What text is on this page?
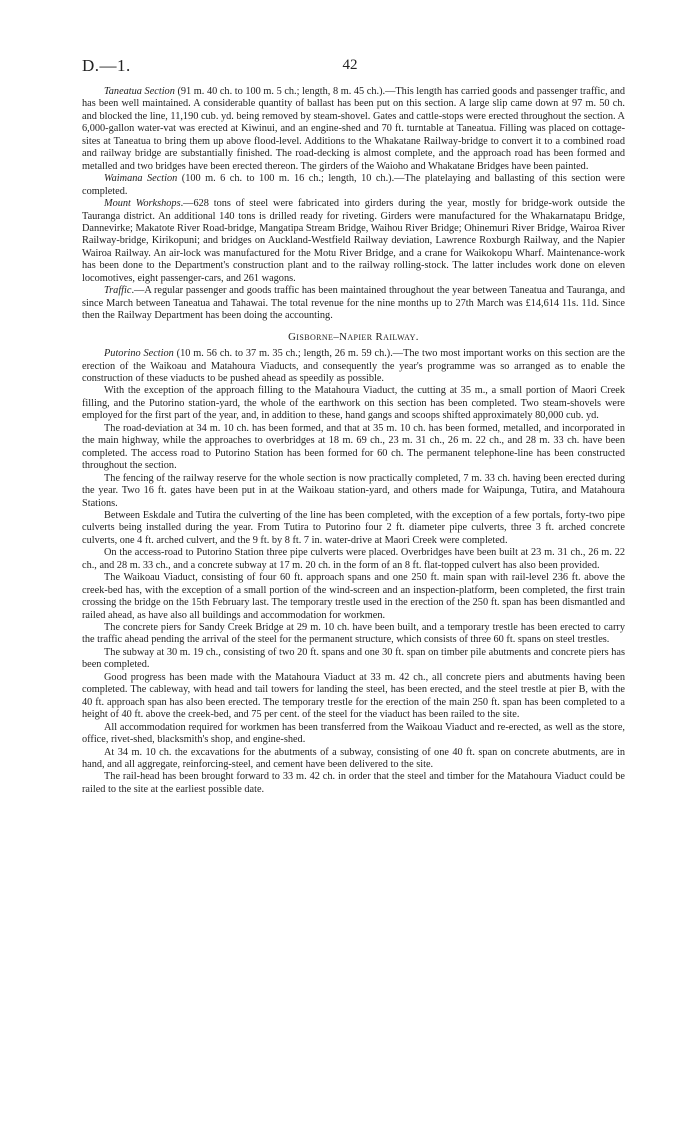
D.—1.	42

Taneatua Section (91 m. 40 ch. to 100 m. 5 ch.; length, 8 m. 45 ch.).—This length has carried goods and passenger traffic, and has been well maintained. A considerable quantity of ballast has been put on this section. A large slip came down at 97 m. 50 ch. and blocked the line, 11,190 cub. yd. being removed by steam-shovel. Gates and cattle-stops were erected throughout the section. A 6,000-gallon water-vat was erected at Kiwinui, and an engine-shed and 70 ft. turntable at Taneatua. Filling was placed on cottage-sites at Taneatua to bring them up above flood-level. Additions to the Whakatane Railway-bridge to convert it to a combined road and railway bridge are substantially finished. The road-decking is almost complete, and the approach road has been formed and metalled and two bridges have been erected thereon. The girders of the Waioho and Whakatane Bridges have been painted.

Waimana Section (100 m. 6 ch. to 100 m. 16 ch.; length, 10 ch.).—The platelaying and ballasting of this section were completed.

Mount Workshops.—628 tons of steel were fabricated into girders during the year, mostly for bridge-work outside the Tauranga district. An additional 140 tons is drilled ready for riveting. Girders were manufactured for the Whakarnatapu Bridge, Dannevirke; Makatote River Road-bridge, Mangatipa Stream Bridge, Waihou River Bridge; Ohinemuri River Bridge, Wairoa River Railway-bridge, Kirikopuni; and bridges on Auckland-Westfield Railway deviation, Lawrence Roxburgh Railway, and the Napier Wairoa Railway. An air-lock was manufactured for the Motu River Bridge, and a crane for Waikokopu Wharf. Maintenance-work has been done to the Department's construction plant and to the railway rolling-stock. The latter includes work done on eleven locomotives, eight passenger-cars, and 261 wagons.

Traffic.—A regular passenger and goods traffic has been maintained throughout the year between Taneatua and Tauranga, and since March between Taneatua and Tahawai. The total revenue for the nine months up to 27th March was £14,614 11s. 11d. Since then the Railway Department has been doing the accounting.

Gisborne–Napier Railway.

Putorino Section (10 m. 56 ch. to 37 m. 35 ch.; length, 26 m. 59 ch.).—The two most important works on this section are the erection of the Waikoau and Matahoura Viaducts, and consequently the year's programme was so arranged as to enable the construction of these viaducts to be pushed ahead as speedily as possible.

With the exception of the approach filling to the Matahoura Viaduct, the cutting at 35 m., a small portion of Maori Creek filling, and the Putorino station-yard, the whole of the earthwork on this section has been completed. Two steam-shovels were employed for the first part of the year, and, in addition to these, hand gangs and scoops shifted approximately 80,000 cub. yd.

The road-deviation at 34 m. 10 ch. has been formed, and that at 35 m. 10 ch. has been formed, metalled, and incorporated in the main highway, while the approaches to overbridges at 18 m. 69 ch., 23 m. 31 ch., 26 m. 22 ch., and 28 m. 33 ch. have been completed. The access road to Putorino Station has been formed for 60 ch. The permanent telephone-line has been constructed throughout the section.

The fencing of the railway reserve for the whole section is now practically completed, 7 m. 33 ch. having been erected during the year. Two 16 ft. gates have been put in at the Waikoau station-yard, and others made for Waipunga, Tutira, and Matahoura Stations.

Between Eskdale and Tutira the culverting of the line has been completed, with the exception of a few portals, forty-two pipe culverts being installed during the year. From Tutira to Putorino four 2 ft. diameter pipe culverts, three 3 ft. arched concrete culverts, one 4 ft. arched culvert, and the 9 ft. by 8 ft. 7 in. water-drive at Maori Creek were completed.

On the access-road to Putorino Station three pipe culverts were placed. Overbridges have been built at 23 m. 31 ch., 26 m. 22 ch., and 28 m. 33 ch., and a concrete subway at 17 m. 20 ch. in the form of an 8 ft. flat-topped culvert has also been provided.

The Waikoau Viaduct, consisting of four 60 ft. approach spans and one 250 ft. main span with rail-level 236 ft. above the creek-bed has, with the exception of a small portion of the wind-screen and an inspection-platform, been completed, the first train crossing the bridge on the 15th February last. The temporary trestle used in the erection of the 250 ft. span has been dismantled and railed ahead, as have also all buildings and accommodation for workmen.

The concrete piers for Sandy Creek Bridge at 29 m. 10 ch. have been built, and a temporary trestle has been erected to carry the traffic ahead pending the arrival of the steel for the permanent structure, which consists of three 60 ft. spans on steel trestles.

The subway at 30 m. 19 ch., consisting of two 20 ft. spans and one 30 ft. span on timber pile abutments and concrete piers has been completed.

Good progress has been made with the Matahoura Viaduct at 33 m. 42 ch., all concrete piers and abutments having been completed. The cableway, with head and tail towers for landing the steel, has been erected, and the steel trestle at pier B, with the 40 ft. approach span has also been erected. The temporary trestle for the erection of the main 250 ft. span has been completed to a height of 40 ft. above the creek-bed, and 75 per cent. of the steel for the viaduct has been railed to the site.

All accommodation required for workmen has been transferred from the Waikoau Viaduct and re-erected, as well as the store, office, rivet-shed, blacksmith's shop, and engine-shed.

At 34 m. 10 ch. the excavations for the abutments of a subway, consisting of one 40 ft. span on concrete abutments, are in hand, and all aggregate, reinforcing-steel, and cement have been delivered to the site.

The rail-head has been brought forward to 33 m. 42 ch. in order that the steel and timber for the Matahoura Viaduct could be railed to the site at the earliest possible date.
